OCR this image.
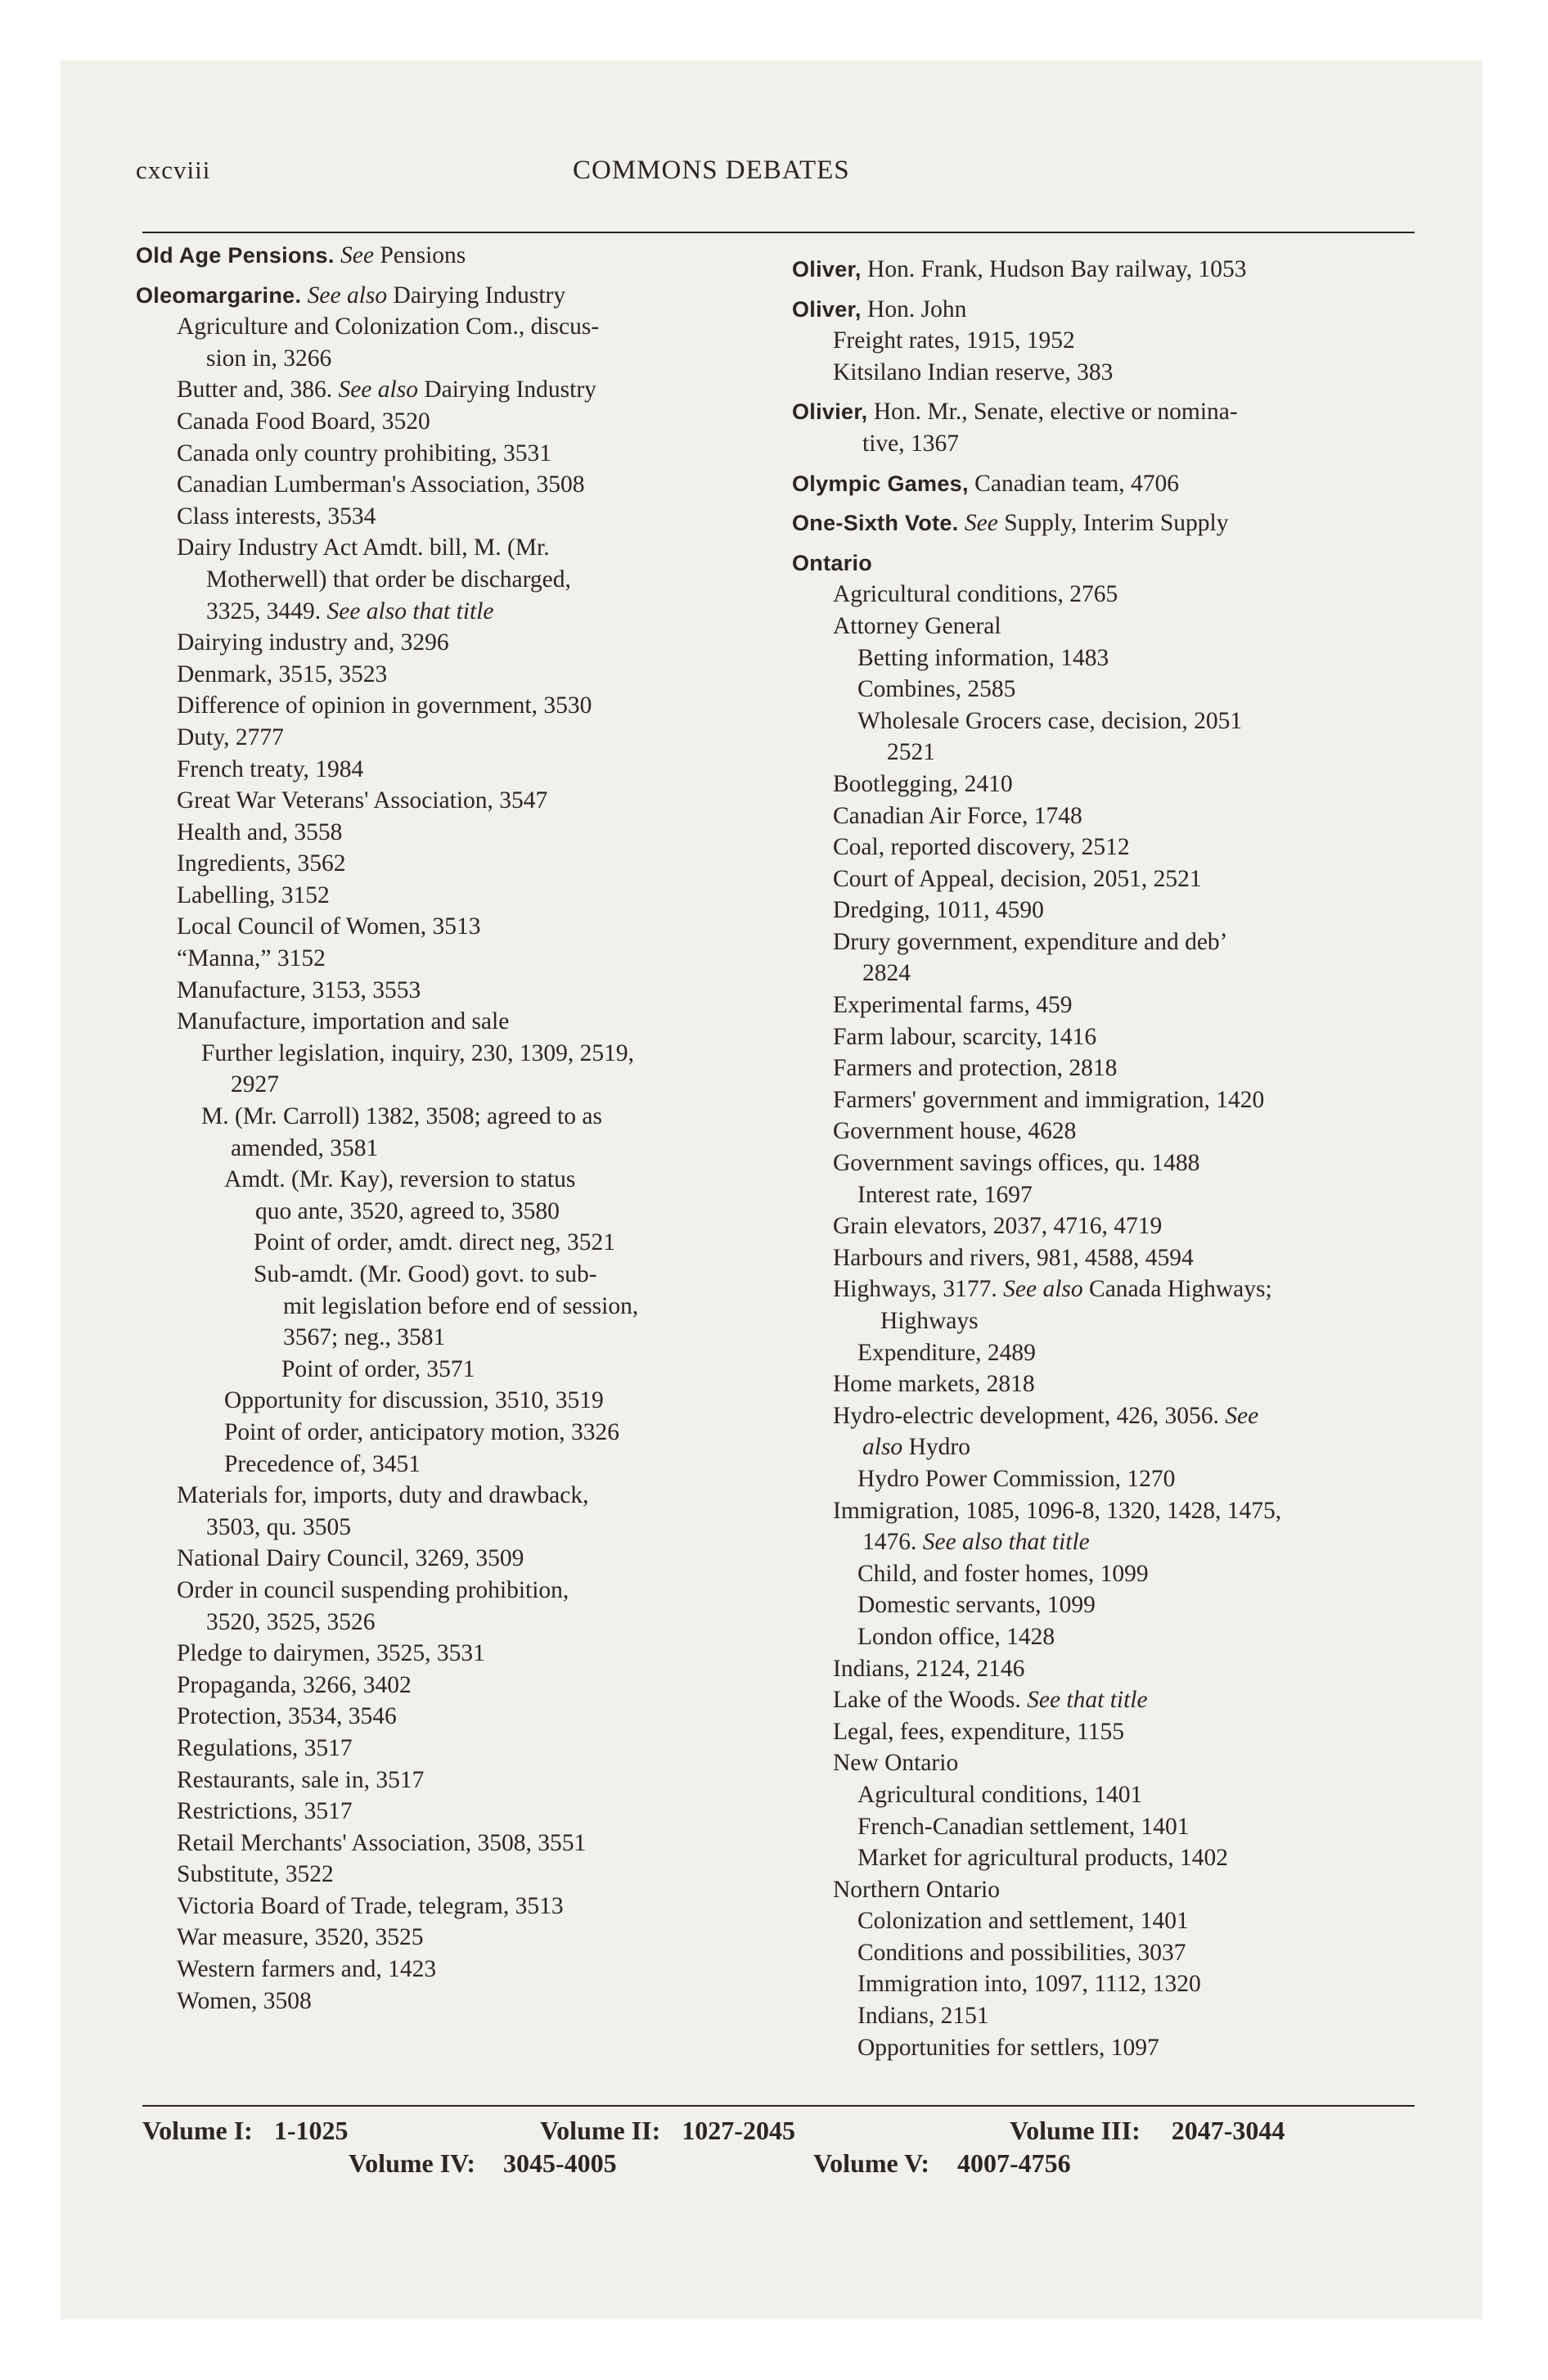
cxcviii	COMMONS DEBATES
Old Age Pensions. See Pensions
Oleomargarine. See also Dairying Industry
Agriculture and Colonization Com., discus-
sion in, 3266
Butter and, 386. See also Dairying Industry
Canada Food Board, 3520
Canada only country prohibiting, 3531
Canadian Lumberman's Association, 3508
Class interests, 3534
Dairy Industry Act Amdt. bill, M. (Mr.
Motherwell) that order be discharged,
3325, 3449. See also that title
Dairying industry and, 3296
Denmark, 3515, 3523
Difference of opinion in government, 3530
Duty, 2777
French treaty, 1984
Great War Veterans' Association, 3547
Health and, 3558
Ingredients, 3562
Labelling, 3152
Local Council of Women, 3513
“Manna,” 3152
Manufacture, 3153, 3553
Manufacture, importation and sale
Further legislation, inquiry, 230, 1309, 2519,
2927
M. (Mr. Carroll) 1382, 3508; agreed to as
amended, 3581
Amdt. (Mr. Kay), reversion to status
quo ante, 3520, agreed to, 3580
Point of order, amdt. direct neg, 3521
Sub-amdt. (Mr. Good) govt. to sub-
mit legislation before end of session,
3567; neg., 3581
Point of order, 3571
Opportunity for discussion, 3510, 3519
Point of order, anticipatory motion, 3326
Precedence of, 3451
Materials for, imports, duty and drawback,
3503, qu. 3505
National Dairy Council, 3269, 3509
Order in council suspending prohibition,
3520, 3525, 3526
Pledge to dairymen, 3525, 3531
Propaganda, 3266, 3402
Protection, 3534, 3546
Regulations, 3517
Restaurants, sale in, 3517
Restrictions, 3517
Retail Merchants' Association, 3508, 3551
Substitute, 3522
Victoria Board of Trade, telegram, 3513
War measure, 3520, 3525
Western farmers and, 1423
Women, 3508
Oliver, Hon. Frank, Hudson Bay railway, 1053
Oliver, Hon. John
Freight rates, 1915, 1952
Kitsilano Indian reserve, 383
Olivier, Hon. Mr., Senate, elective or nomina-
tive, 1367
Olympic Games, Canadian team, 4706
One-Sixth Vote. See Supply, Interim Supply
Ontario
Agricultural conditions, 2765
Attorney General
Betting information, 1483
Combines, 2585
Wholesale Grocers case, decision, 2051
2521
Bootlegging, 2410
Canadian Air Force, 1748
Coal, reported discovery, 2512
Court of Appeal, decision, 2051, 2521
Dredging, 1011, 4590
Drury government, expenditure and deb’
2824
Experimental farms, 459
Farm labour, scarcity, 1416
Farmers and protection, 2818
Farmers' government and immigration, 1420
Government house, 4628
Government savings offices, qu. 1488
Interest rate, 1697
Grain elevators, 2037, 4716, 4719
Harbours and rivers, 981, 4588, 4594
Highways, 3177. See also Canada Highways;
Highways
Expenditure, 2489
Home markets, 2818
Hydro-electric development, 426, 3056. See
also Hydro
Hydro Power Commission, 1270
Immigration, 1085, 1096-8, 1320, 1428, 1475,
1476. See also that title
Child, and foster homes, 1099
Domestic servants, 1099
London office, 1428
Indians, 2124, 2146
Lake of the Woods. See that title
Legal, fees, expenditure, 1155
New Ontario
Agricultural conditions, 1401
French-Canadian settlement, 1401
Market for agricultural products, 1402
Northern Ontario
Colonization and settlement, 1401
Conditions and possibilities, 3037
Immigration into, 1097, 1112, 1320
Indians, 2151
Opportunities for settlers, 1097
Volume I: 1-1025	Volume II: 1027-2045	Volume III: 2047-3044
Volume IV: 3045-4005	Volume V: 4007-4756
